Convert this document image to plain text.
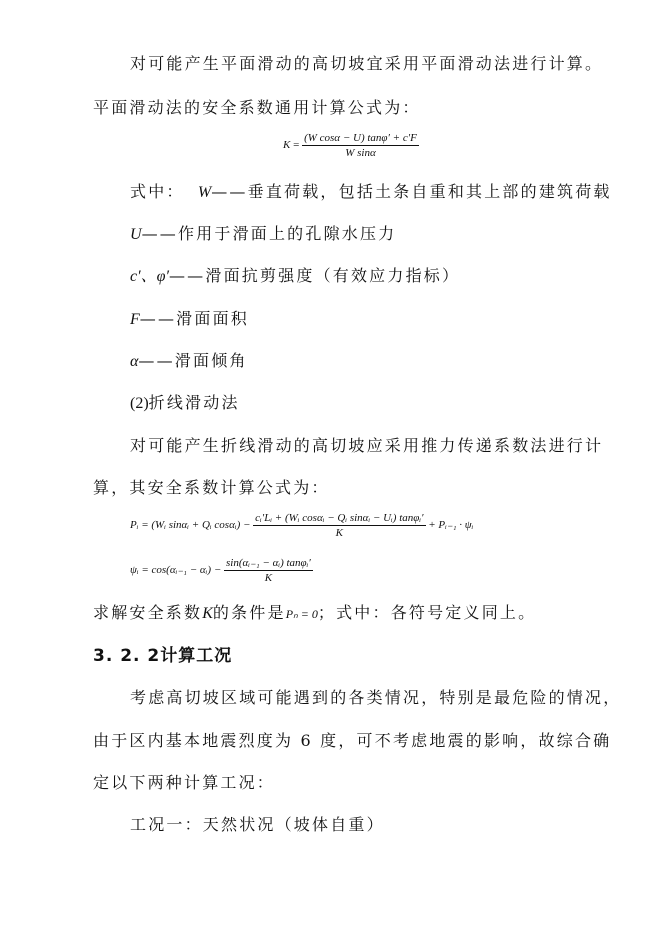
对可能产生平面滑动的高切坡宜采用平面滑动法进行计算。
平面滑动法的安全系数通用计算公式为：
$K = \frac{\text{(W cosα − U) tanφ′ + c′F}}{\text{W sinα}}$
式中： W——垂直荷载，包括土条自重和其上部的建筑荷载
U——作用于滑面上的孔隙水压力
c′、φ′——滑面抗剪强度（有效应力指标）
F——滑面面积
α——滑面倾角
(2)折线滑动法
对可能产生折线滑动的高切坡应采用推力传递系数法进行计
算，其安全系数计算公式为：
Pᵢ = (Wᵢ sinαᵢ + Qᵢ cosαᵢ) − $\frac{\text{cᵢ′Lᵢ + (Wᵢ cosαᵢ − Qᵢ sinαᵢ − Uᵢ) tanφᵢ′}}{K}$ + Pᵢ₋₁ · ψᵢ
ψᵢ = cos(αᵢ₋₁ − αᵢ) − $\frac{\text{sin(αᵢ₋₁ − αᵢ) tanφᵢ′}}{K}$
求解安全系数K的条件是Pₙ = 0；式中：各符号定义同上。
3. 2. 2计算工况
考虑高切坡区域可能遇到的各类情况，特别是最危险的情况，
由于区内基本地震烈度为 6 度，可不考虑地震的影响，故综合确
定以下两种计算工况：
工况一：天然状况（坡体自重）
